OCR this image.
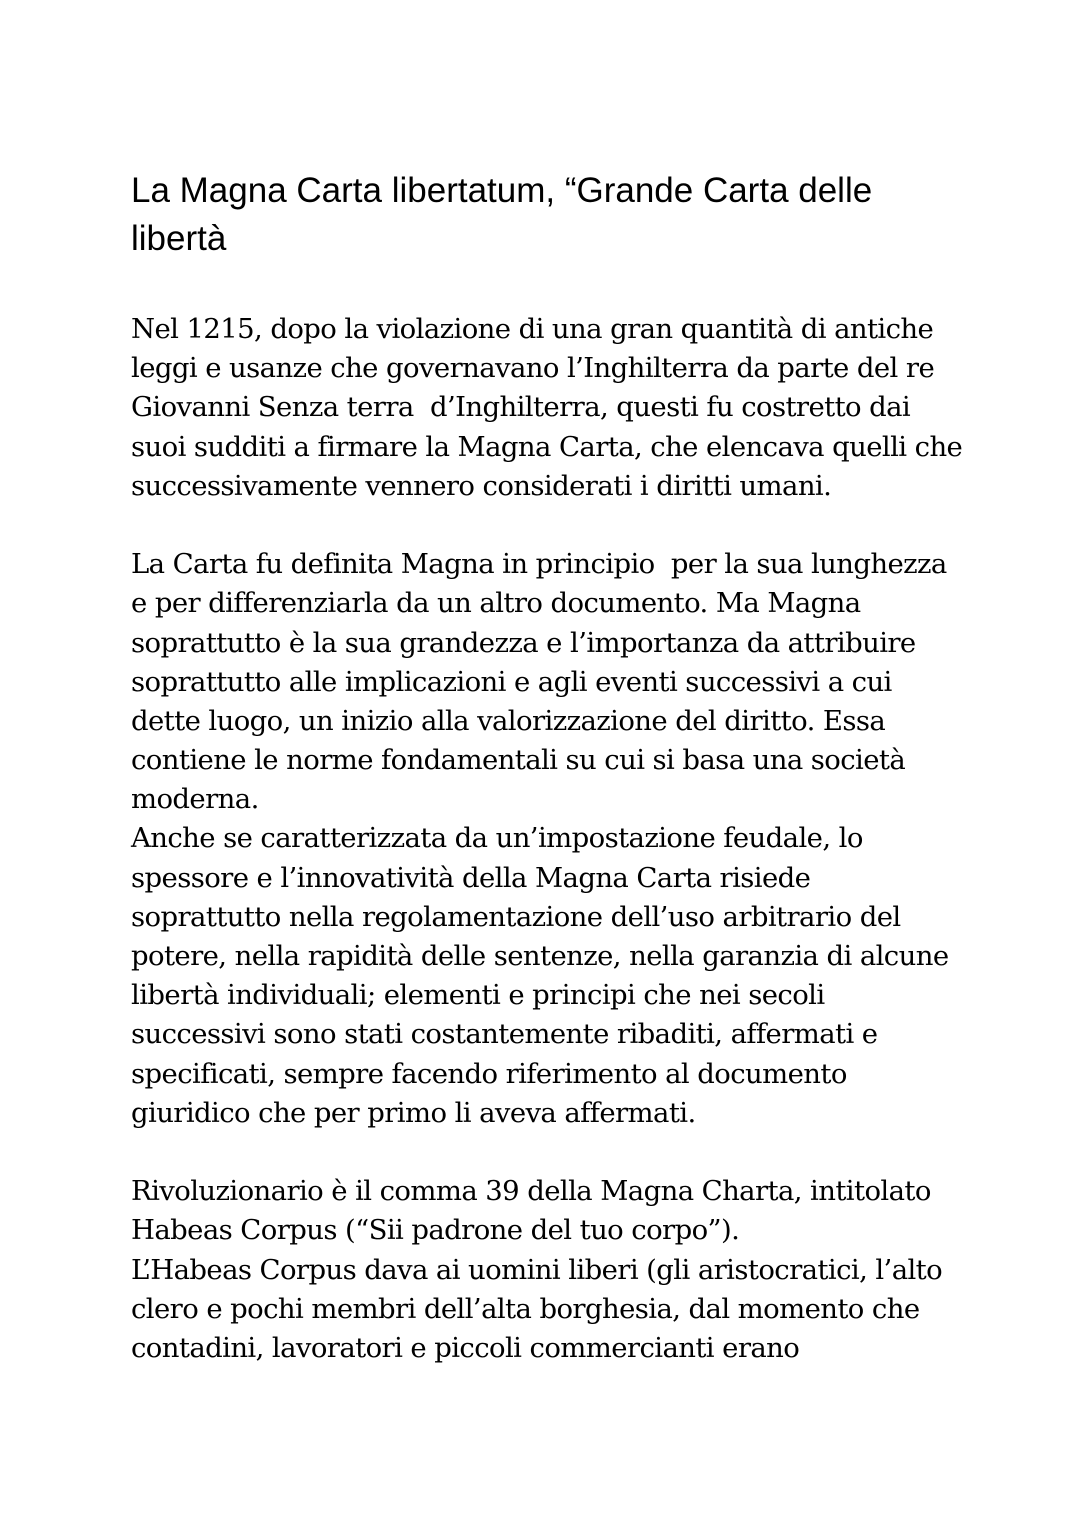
La Magna Carta libertatum, “Grande Carta delle
libertà
Nel 1215, dopo la violazione di una gran quantità di antiche
leggi e usanze che governavano l’Inghilterra da parte del re
Giovanni Senza terra  d’Inghilterra, questi fu costretto dai
suoi sudditi a firmare la Magna Carta, che elencava quelli che
successivamente vennero considerati i diritti umani.
La Carta fu definita Magna in principio  per la sua lunghezza
e per differenziarla da un altro documento. Ma Magna
soprattutto è la sua grandezza e l’importanza da attribuire
soprattutto alle implicazioni e agli eventi successivi a cui
dette luogo, un inizio alla valorizzazione del diritto. Essa
contiene le norme fondamentali su cui si basa una società
moderna.
Anche se caratterizzata da un’impostazione feudale, lo
spessore e l’innovatività della Magna Carta risiede
soprattutto nella regolamentazione dell’uso arbitrario del
potere, nella rapidità delle sentenze, nella garanzia di alcune
libertà individuali; elementi e principi che nei secoli
successivi sono stati costantemente ribaditi, affermati e
specificati, sempre facendo riferimento al documento
giuridico che per primo li aveva affermati.
Rivoluzionario è il comma 39 della Magna Charta, intitolato
Habeas Corpus (“Sii padrone del tuo corpo”).
L’Habeas Corpus dava ai uomini liberi (gli aristocratici, l’alto
clero e pochi membri dell’alta borghesia, dal momento che
contadini, lavoratori e piccoli commercianti erano
